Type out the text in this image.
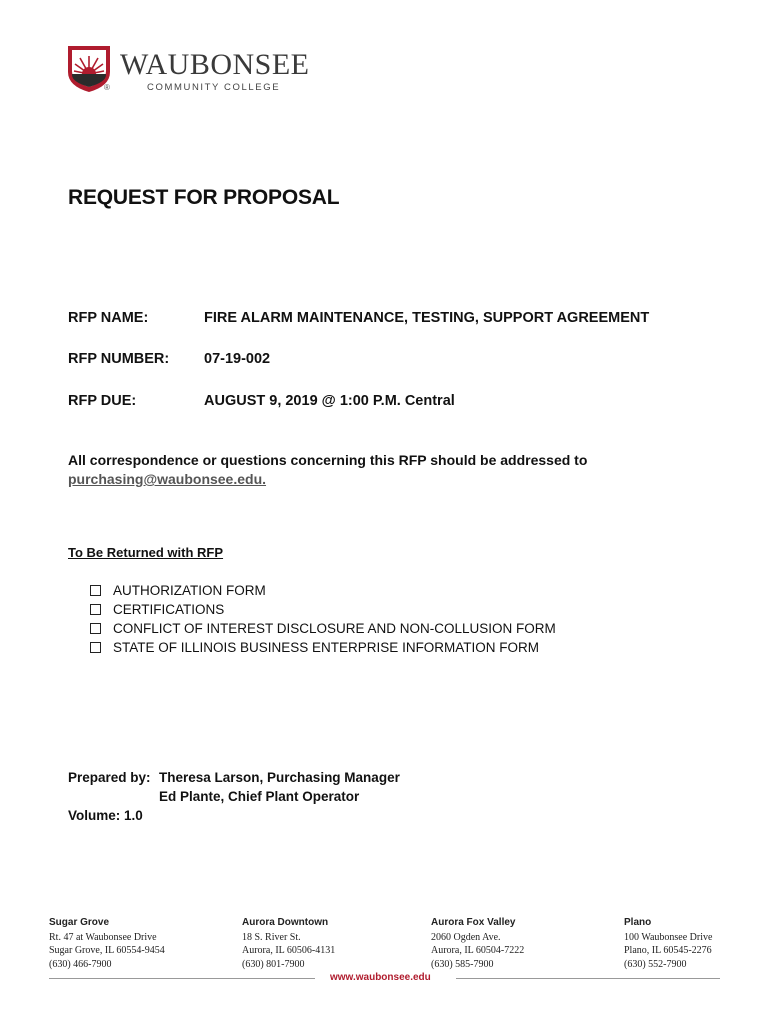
WAUBONSEE
®	COMMUNITY COLLEGE
REQUEST FOR PROPOSAL
RFP NAME:	FIRE ALARM MAINTENANCE, TESTING, SUPPORT AGREEMENT
RFP NUMBER: 07-19-002
RFP DUE:	AUGUST 9, 2019 @ 1:00 P.M. Central
All correspondence or questions concerning this RFP should be addressed to
purchasing@waubonsee.edu.
To Be Returned with RFP
AUTHORIZATION FORM
CERTIFICATIONS
CONFLICT OF INTEREST DISCLOSURE AND NON-COLLUSION FORM
STATE OF ILLINOIS BUSINESS ENTERPRISE INFORMATION FORM
Prepared by: Theresa Larson, Purchasing Manager
Ed Plante, Chief Plant Operator
Volume: 1.0
Sugar Grove
Rt. 47 at Waubonsee Drive
Sugar Grove, IL 60554-9454
(630) 466-7900
Aurora Downtown
18 S. River St.
Aurora, IL 60506-4131
(630) 801-7900
Aurora Fox Valley
2060 Ogden Ave.
Aurora, IL 60504-7222
(630) 585-7900
Plano
100 Waubonsee Drive
Plano, IL 60545-2276
(630) 552-7900
www.waubonsee.edu
